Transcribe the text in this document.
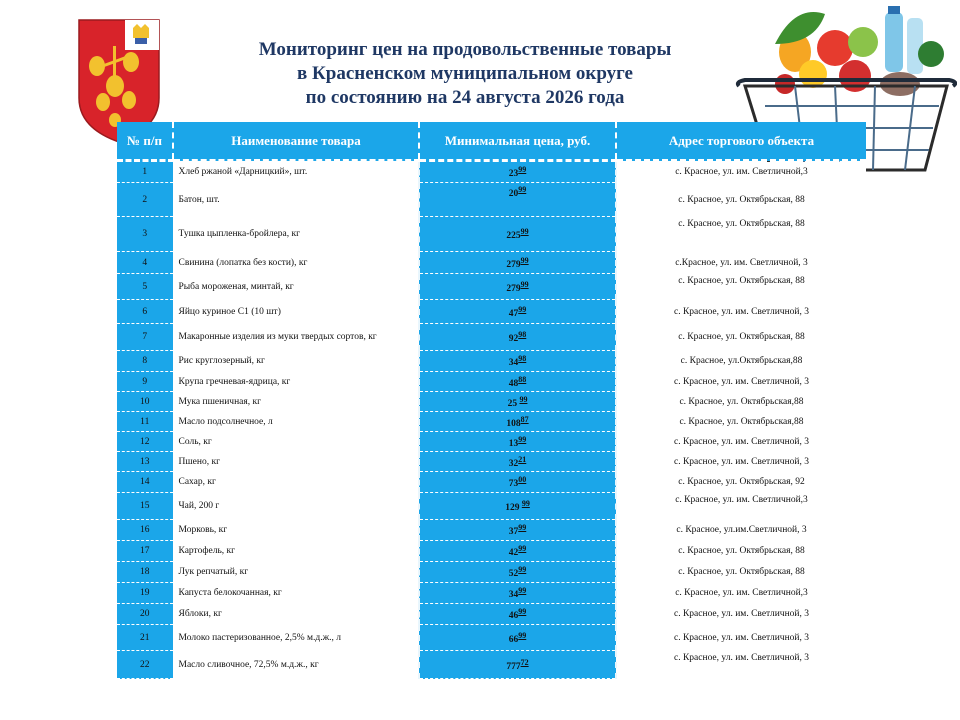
Мониторинг цен на продовольственные товары
в Красненском муниципальном округе
по состоянию на 24 августа 2026 года
№ п/п	Наименование товара	Минимальная цена, руб.	Адрес торгового объекта
1	Хлеб ржаной «Дарницкий», шт.	$23^{99}$	с. Красное, ул. им. Светличной,3
2	Батон, шт.	$20^{99}$	с. Красное, ул. Октябрьская, 88
3	Тушка цыпленка-бройлера, кг	$225^{99}$	с. Красное, ул. Октябрьская, 88
4	Свинина (лопатка без кости), кг	$279^{99}$	с.Красное, ул. им. Светличной, 3
5	Рыба мороженая, минтай, кг	$279^{99}$	с. Красное, ул. Октябрьская, 88
6	Яйцо куриное С1 (10 шт)	$47^{99}$	с. Красное, ул. им. Светличной, 3
7	Макаронные изделия из муки твердых сортов, кг	$92^{98}$	с. Красное, ул. Октябрьская, 88
8	Рис круглозерный, кг	$34^{98}$	с. Красное, ул.Октябрьская,88
9	Крупа гречневая-ядрица, кг	$48^{88}$	с. Красное, ул. им. Светличной, 3
10	Мука пшеничная, кг	25 $^{99}$	с. Красное, ул. Октябрьская,88
11	Масло подсолнечное, л	$108^{87}$	с. Красное, ул. Октябрьская,88
12	Соль, кг	$13^{99}$	с. Красное, ул. им. Светличной, 3
13	Пшено, кг	$32^{21}$	с. Красное, ул. им. Светличной, 3
14	Сахар, кг	$73^{00}$	с. Красное, ул. Октябрьская, 92
15	Чай, 200 г	129 $^{99}$	с. Красное, ул. им. Светличной,3
16	Морковь, кг	$37^{99}$	с. Красное, ул.им.Светличной, 3
17	Картофель, кг	$42^{99}$	с. Красное, ул. Октябрьская, 88
18	Лук репчатый, кг	$52^{99}$	с. Красное, ул. Октябрьская, 88
19	Капуста белокочанная, кг	$34^{99}$	с. Красное, ул. им. Светличной,3
20	Яблоки, кг	$46^{99}$	с. Красное, ул. им. Светличной, 3
21	Молоко пастеризованное, 2,5% м.д.ж., л	$66^{99}$	с. Красное, ул. им. Светличной, 3
22	Масло сливочное, 72,5% м.д.ж., кг	$777^{72}$	с. Красное, ул. им. Светличной, 3
